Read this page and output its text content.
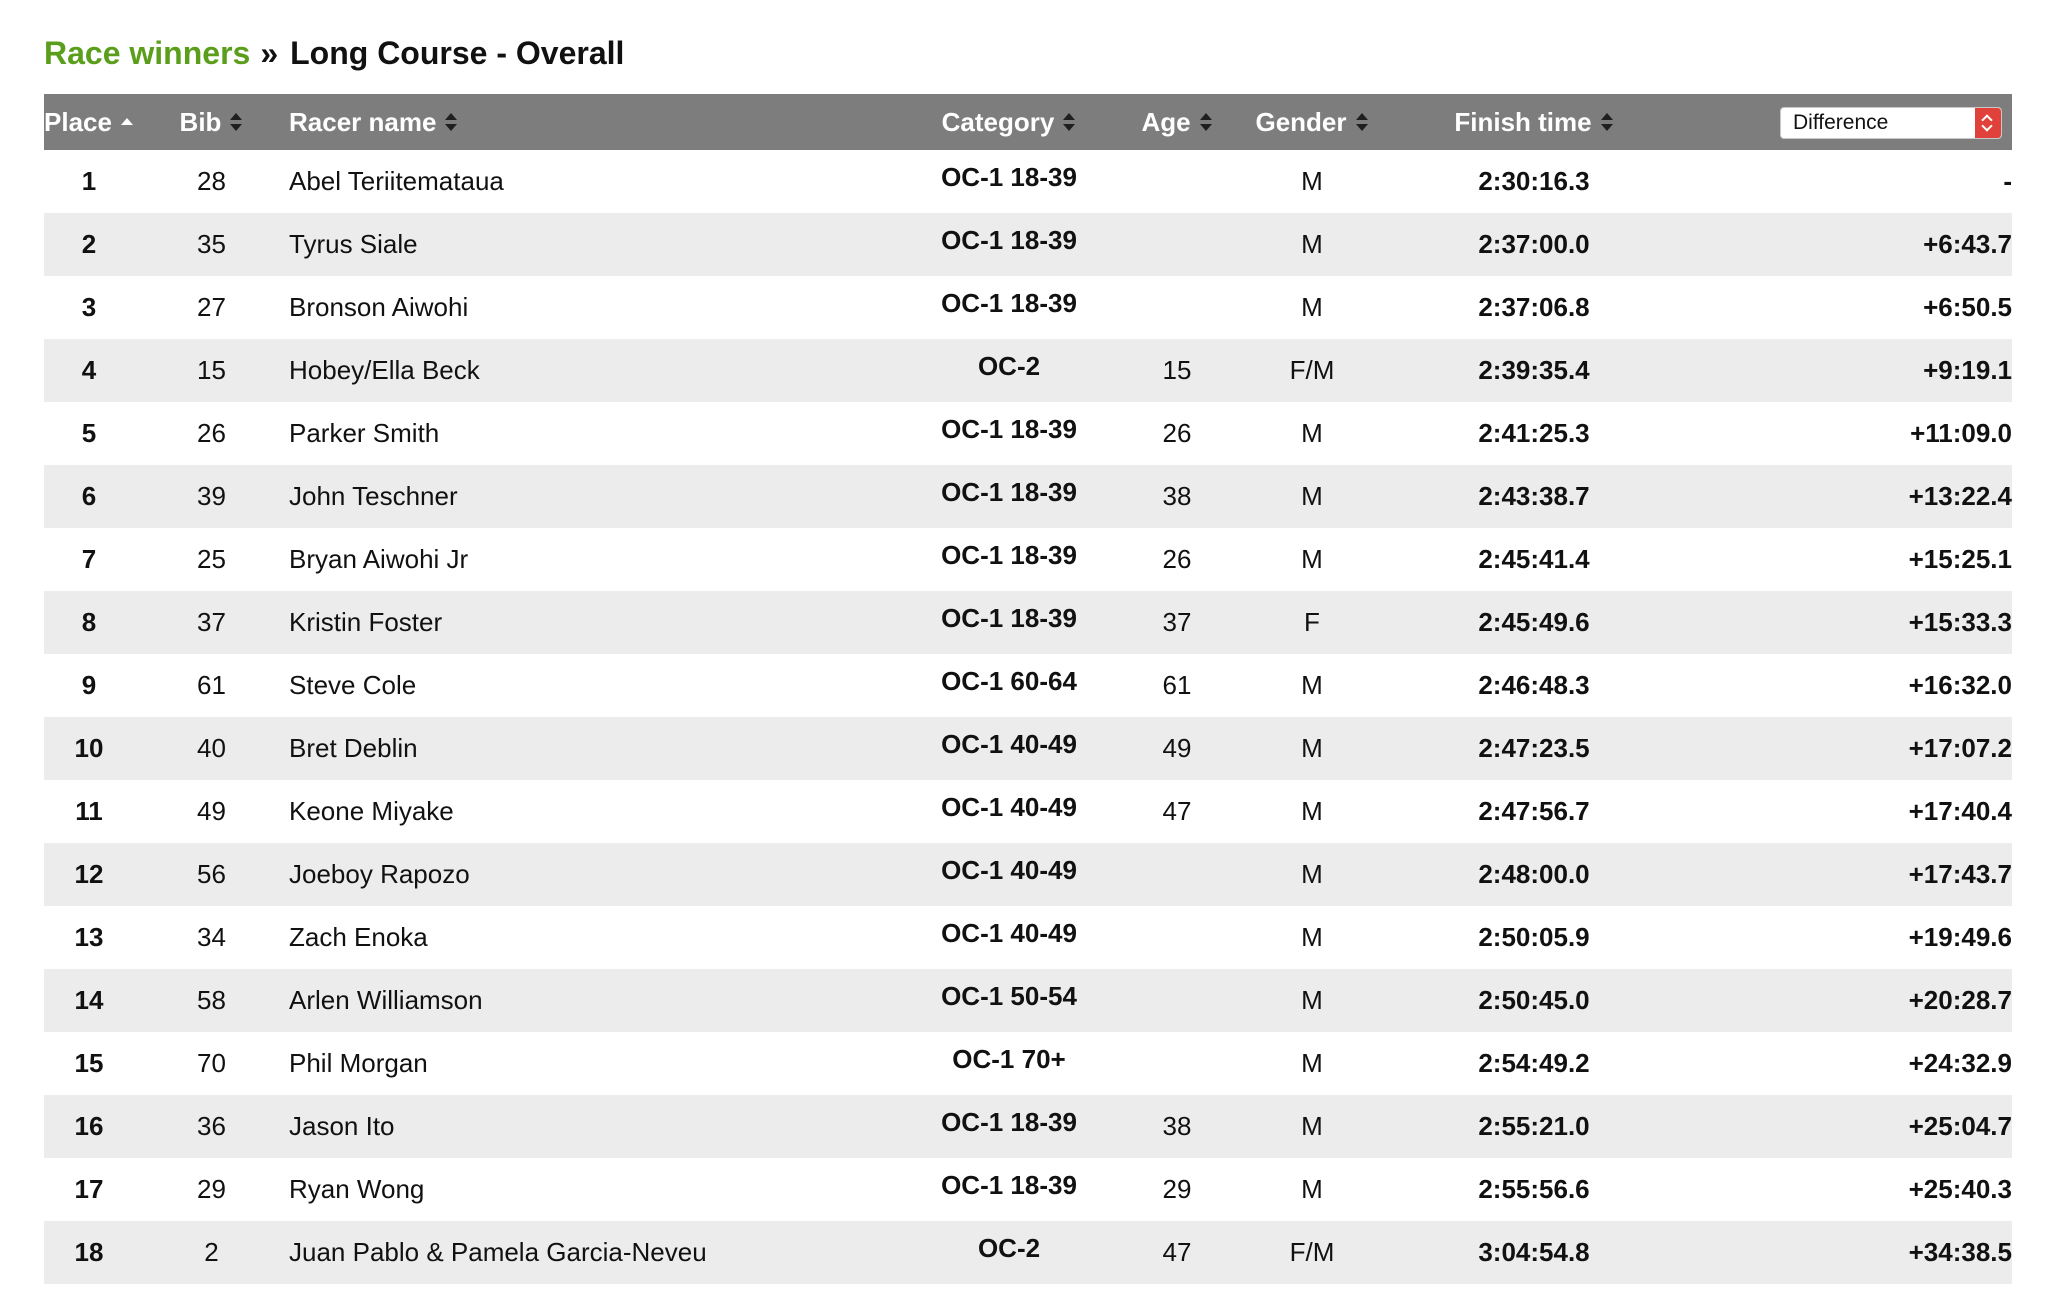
Race winners » Long Course - Overall
Place	Bib	Racer name	Category	Age	Gender	Finish time	Difference

1	28	Abel Teriitemataua	OC-1 18-39		M	2:30:16.3	-
2	35	Tyrus Siale	OC-1 18-39		M	2:37:00.0	+6:43.7
3	27	Bronson Aiwohi	OC-1 18-39		M	2:37:06.8	+6:50.5
4	15	Hobey/Ella Beck	OC-2	15	F/M	2:39:35.4	+9:19.1
5	26	Parker Smith	OC-1 18-39	26	M	2:41:25.3	+11:09.0
6	39	John Teschner	OC-1 18-39	38	M	2:43:38.7	+13:22.4
7	25	Bryan Aiwohi Jr	OC-1 18-39	26	M	2:45:41.4	+15:25.1
8	37	Kristin Foster	OC-1 18-39	37	F	2:45:49.6	+15:33.3
9	61	Steve Cole	OC-1 60-64	61	M	2:46:48.3	+16:32.0
10	40	Bret Deblin	OC-1 40-49	49	M	2:47:23.5	+17:07.2
11	49	Keone Miyake	OC-1 40-49	47	M	2:47:56.7	+17:40.4
12	56	Joeboy Rapozo	OC-1 40-49		M	2:48:00.0	+17:43.7
13	34	Zach Enoka	OC-1 40-49		M	2:50:05.9	+19:49.6
14	58	Arlen Williamson	OC-1 50-54		M	2:50:45.0	+20:28.7
15	70	Phil Morgan	OC-1 70+		M	2:54:49.2	+24:32.9
16	36	Jason Ito	OC-1 18-39	38	M	2:55:21.0	+25:04.7
17	29	Ryan Wong	OC-1 18-39	29	M	2:55:56.6	+25:40.3
18	2	Juan Pablo & Pamela Garcia-Neveu	OC-2	47	F/M	3:04:54.8	+34:38.5
